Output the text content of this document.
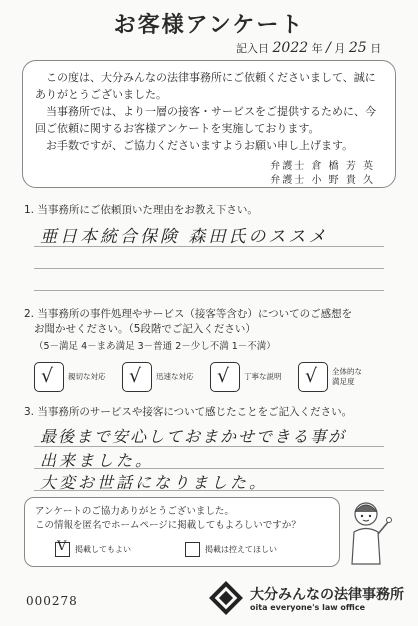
お客様アンケート
記入日 2022 年 / 月 25 日

この度は、大分みんなの法律事務所にご依頼くださいまして、誠にありがとうございました。

当事務所では、より一層の接客・サービスをご提供するために、今回ご依頼に関するお客様アンケートを実施しております。

お手数ですが、ご協力くださいますようお願い申し上げます。

弁護士 倉 橋 芳 英
弁護士 小 野 貴 久
1. 当事務所にご依頼頂いた理由をお教え下さい。
亜日本統合保険 森田氏のススメ
2. 当事務所の事件処理やサービス（接客等含む）についてのご感想を
お聞かせください。（5段階でご記入ください）
（5－満足 4－まあ満足 3－普通 2－少し不満 1－不満）
√ 親切な対応 √ 迅速な対応 √ 丁寧な説明 √ 全体的な
満足度
3. 当事務所のサービスや接客について感じたことをご記入ください。
最後まで安心しておまかせできる事が
出来ました。
大変お世話になりました。
アンケートのご協力ありがとうございました。
この情報を匿名でホームページに掲載してもよろしいですか？
V 掲載してもよい	掲載は控えてほしい
000278	大分みんなの法律事務所
oita everyone's law office
